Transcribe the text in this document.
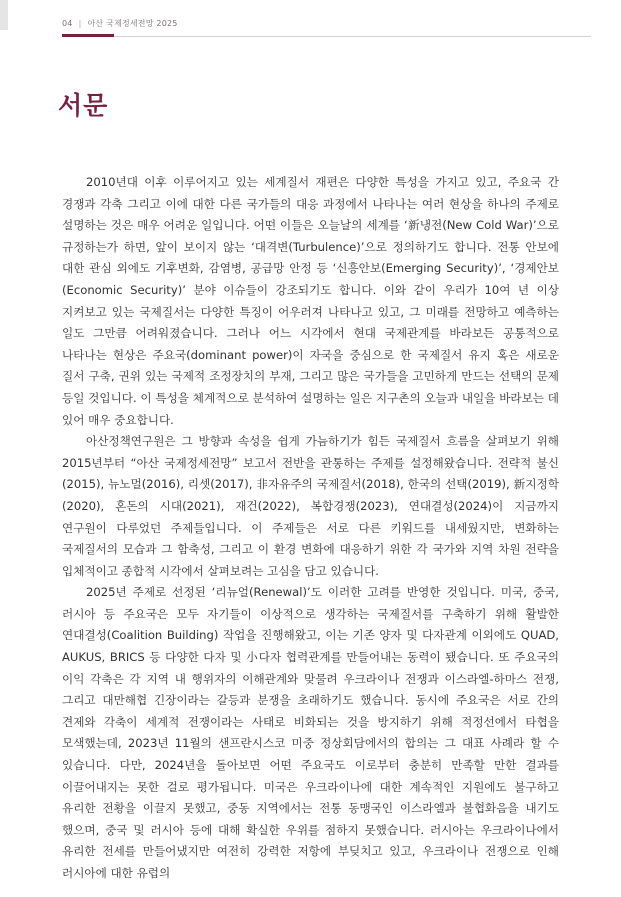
04 | 아산 국제정세전망 2025
서문

2010년대 이후 이루어지고 있는 세계질서 재편은 다양한 특성을 가지고 있고, 주요국 간 경쟁과 각축 그리고 이에 대한 다른 국가들의 대응 과정에서 나타나는 여러 현상을 하나의 주제로 설명하는 것은 매우 어려운 일입니다. 어떤 이들은 오늘날의 세계를 ‘新냉전(New Cold War)’으로 규정하는가 하면, 앞이 보이지 않는 ‘대격변(Turbulence)’으로 정의하기도 합니다. 전통 안보에 대한 관심 외에도 기후변화, 감염병, 공급망 안정 등 ‘신흥안보(Emerging Security)’, ‘경제안보(Economic Security)’ 분야 이슈들이 강조되기도 합니다. 이와 같이 우리가 10여 년 이상 지켜보고 있는 국제질서는 다양한 특징이 어우러져 나타나고 있고, 그 미래를 전망하고 예측하는 일도 그만큼 어려워졌습니다. 그러나 어느 시각에서 현대 국제관계를 바라보든 공통적으로 나타나는 현상은 주요국(dominant power)이 자국을 중심으로 한 국제질서 유지 혹은 새로운 질서 구축, 권위 있는 국제적 조정장치의 부재, 그리고 많은 국가들을 고민하게 만드는 선택의 문제 등일 것입니다. 이 특성을 체계적으로 분석하여 설명하는 일은 지구촌의 오늘과 내일을 바라보는 데 있어 매우 중요합니다.

아산정책연구원은 그 방향과 속성을 쉽게 가늠하기가 힘든 국제질서 흐름을 살펴보기 위해 2015년부터 “아산 국제정세전망” 보고서 전반을 관통하는 주제를 설정해왔습니다. 전략적 불신(2015), 뉴노멀(2016), 리셋(2017), 非자유주의 국제질서(2018), 한국의 선택(2019), 新지정학(2020), 혼돈의 시대(2021), 재건(2022), 복합경쟁(2023), 연대결성(2024)이 지금까지 연구원이 다루었던 주제들입니다. 이 주제들은 서로 다른 키워드를 내세웠지만, 변화하는 국제질서의 모습과 그 함축성, 그리고 이 환경 변화에 대응하기 위한 각 국가와 지역 차원 전략을 입체적이고 종합적 시각에서 살펴보려는 고심을 담고 있습니다.

2025년 주제로 선정된 ‘리뉴얼(Renewal)’도 이러한 고려를 반영한 것입니다. 미국, 중국, 러시아 등 주요국은 모두 자기들이 이상적으로 생각하는 국제질서를 구축하기 위해 활발한 연대결성(Coalition Building) 작업을 진행해왔고, 이는 기존 양자 및 다자관계 이외에도 QUAD, AUKUS, BRICS 등 다양한 다자 및 小다자 협력관계를 만들어내는 동력이 됐습니다. 또 주요국의 이익 각축은 각 지역 내 행위자의 이해관계와 맞물려 우크라이나 전쟁과 이스라엘-하마스 전쟁, 그리고 대만해협 긴장이라는 갈등과 분쟁을 초래하기도 했습니다. 동시에 주요국은 서로 간의 견제와 각축이 세계적 전쟁이라는 사태로 비화되는 것을 방지하기 위해 적정선에서 타협을 모색했는데, 2023년 11월의 샌프란시스코 미중 정상회담에서의 합의는 그 대표 사례라 할 수 있습니다. 다만, 2024년을 돌아보면 어떤 주요국도 이로부터 충분히 만족할 만한 결과를 이끌어내지는 못한 걸로 평가됩니다. 미국은 우크라이나에 대한 계속적인 지원에도 불구하고 유리한 전황을 이끌지 못했고, 중동 지역에서는 전통 동맹국인 이스라엘과 불협화음을 내기도 했으며, 중국 및 러시아 등에 대해 확실한 우위를 점하지 못했습니다. 러시아는 우크라이나에서 유리한 전세를 만들어냈지만 여전히 강력한 저항에 부딪치고 있고, 우크라이나 전쟁으로 인해 러시아에 대한 유럽의
